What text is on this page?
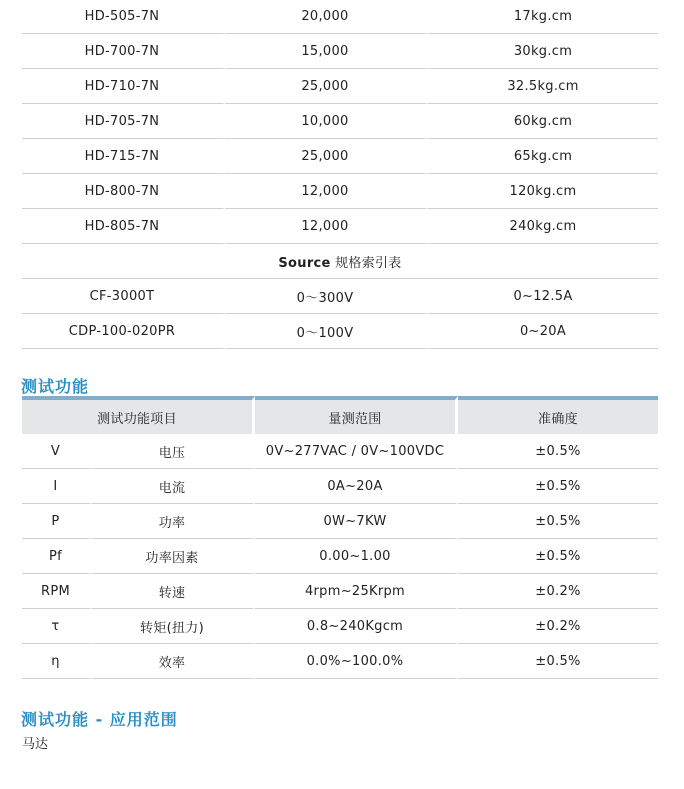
HD-505-7N	20,000	17kg.cm
HD-700-7N	15,000	30kg.cm
HD-710-7N	25,000	32.5kg.cm
HD-705-7N	10,000	60kg.cm
HD-715-7N	25,000	65kg.cm
HD-800-7N	12,000	120kg.cm
HD-805-7N	12,000	240kg.cm
Source 规格索引表		
CF-3000T	0～300V	0~12.5A
CDP-100-020PR	0～100V	0~20A
测试功能
测试功能项目		量测范围	准确度
V	电压	0V~277VAC / 0V~100VDC	±0.5%
I	电流	0A~20A	±0.5%
P	功率	0W~7KW	±0.5%
Pf	功率因素	0.00~1.00	±0.5%
RPM	转速	4rpm~25Krpm	±0.2%
τ	转矩(扭力)	0.8~240Kgcm	±0.2%
η	效率	0.0%~100.0%	±0.5%
测试功能 - 应用范围
马达
